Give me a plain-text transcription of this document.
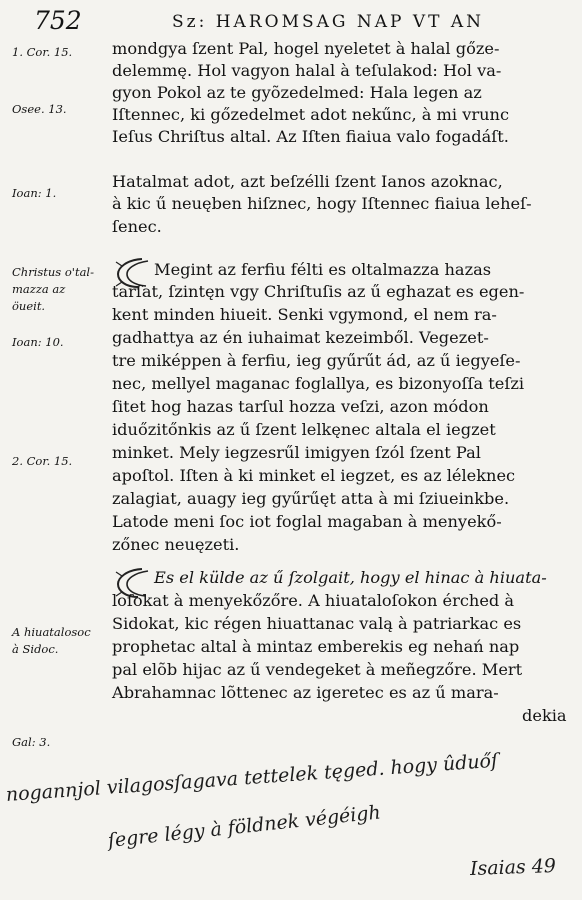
752	Sz: HAROMSAG NAP VT AN
1. Cor. 15.
Osee. 13.
Ioan: 1.
Christus o'tal-
mazza az
öueit.
Ioan: 10.
2. Cor. 15.
A hiuatalosoc
à Sidoc.
Gal: 3.
mondgya ſzent Pal, hogel nyeletet à halal gőze-
delemmę. Hol vagyon halal à teſulakod: Hol va-
gyon Pokol az te gyõzedelmed: Hala legen az
Iſtennec, ki gőzedelmet adot nekűnc, à mi vrunc
Ieſus Chriſtus altal. Az Iſten fiaiua valo fogadáſt.
Hatalmat adot, azt beſzélli ſzent Ianos azoknac,
à kic ű neuęben hiſznec, hogy Iſtennec fiaiua leheſ-
ſenec.
Megint az ferfiu félti es oltalmazza hazas
tarſat, ſzintęn vgy Chriſtuſis az ű eghazat es egen-
kent minden hiueit. Senki vgymond, el nem ra-
gadhattya az én iuhaimat kezeimből. Vegezet-
tre miképpen à ferfiu, ieg gyűrűt ád, az ű iegyeſe-
nec, mellyel maganac foglallya, es bizonyoſſa teſzi
ſitet hog hazas tarſul hozza veſzi, azon módon
iduőzitőnkis az ű ſzent lelkęnec altala el iegzet
minket. Mely iegzesrűl imigyen ſzól ſzent Pal
apoſtol. Iſten à ki minket el iegzet, es az léleknec
zalagiat, auagy ieg gyűrűęt atta à mi ſziueinkbe.
Latode meni ſoc iot foglal magaban à menyekő-
zőnec neuęzeti.
Es el külde az ű ſzolgait, hogy el hinac à hiuata-
loſokat à menyekőzőre. A hiuataloſokon érched à
Sidokat, kic régen hiuattanac valą à patriarkac es
prophetac altal à mintaz emberekis eg nehań nap
pal elõb hijac az ű vendegeket à meñegzőre. Mert
Abrahamnac lõttenec az igeretec es az ű mara-
dekia
nogannjol vilagosſagava tettelek tęged. hogy ûduőſ
ſegre légy à földnek végéigh
Isaias 49
